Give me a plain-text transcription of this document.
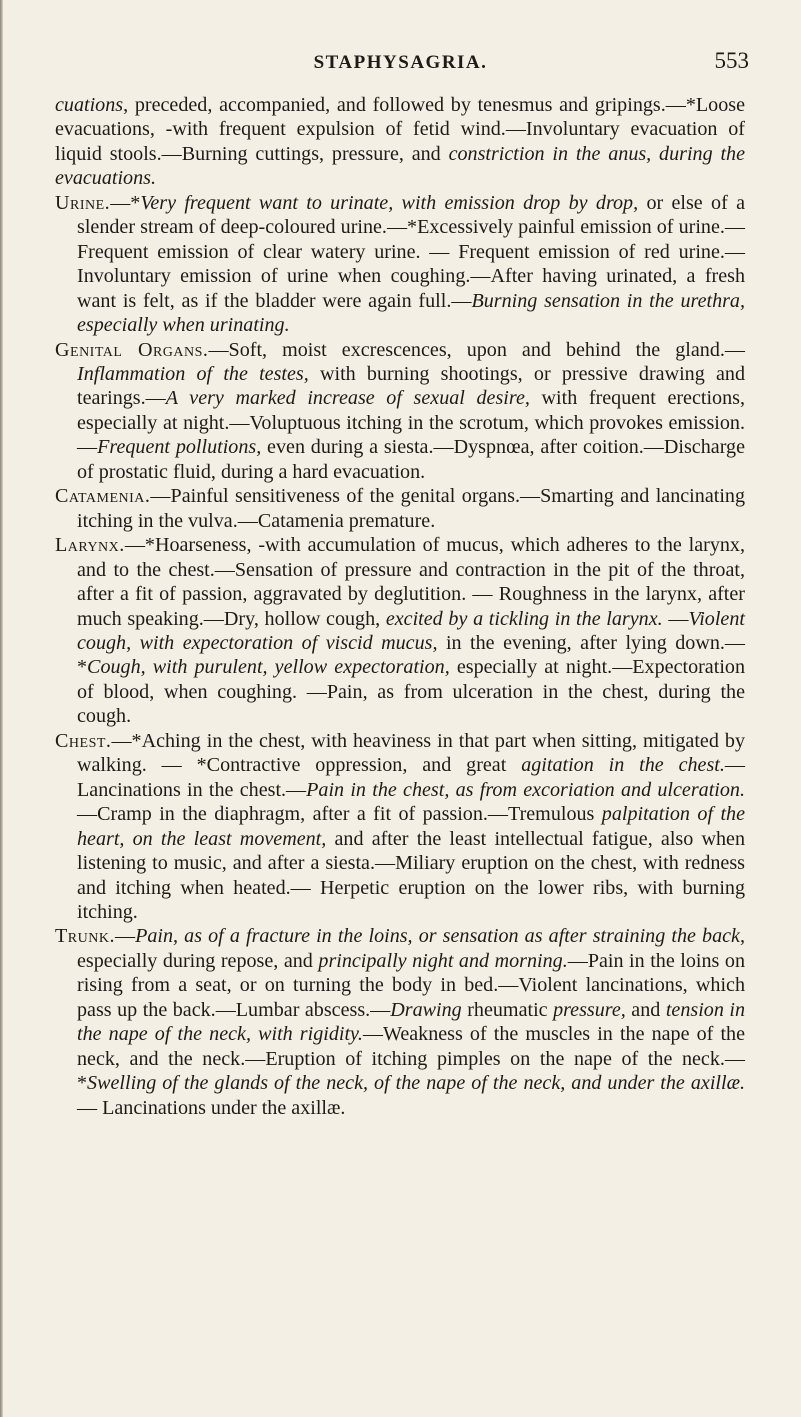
STAPHYSAGRIA.	553

cuations, preceded, accompanied, and followed by tenesmus and gripings.—*Loose evacuations, -with frequent expulsion of fetid wind.—Involuntary evacuation of liquid stools.—Burning cuttings, pressure, and constriction in the anus, during the evacuations.

Urine.—*Very frequent want to urinate, with emission drop by drop, or else of a slender stream of deep-coloured urine.—*Excessively painful emission of urine.—Frequent emission of clear watery urine. — Frequent emission of red urine.—Involuntary emission of urine when coughing.—After having urinated, a fresh want is felt, as if the bladder were again full.—Burning sensation in the urethra, especially when urinating.

Genital Organs.—Soft, moist excrescences, upon and behind the gland.—Inflammation of the testes, with burning shootings, or pressive drawing and tearings.—A very marked increase of sexual desire, with frequent erections, especially at night.—Voluptuous itching in the scrotum, which provokes emission.—Frequent pollutions, even during a siesta.—Dyspnœa, after coition.—Discharge of prostatic fluid, during a hard evacuation.

Catamenia.—Painful sensitiveness of the genital organs.—Smarting and lancinating itching in the vulva.—Catamenia premature.

Larynx.—*Hoarseness, -with accumulation of mucus, which adheres to the larynx, and to the chest.—Sensation of pressure and contraction in the pit of the throat, after a fit of passion, aggravated by deglutition. — Roughness in the larynx, after much speaking.—Dry, hollow cough, excited by a tickling in the larynx. —Violent cough, with expectoration of viscid mucus, in the evening, after lying down.—*Cough, with purulent, yellow expectoration, especially at night.—Expectoration of blood, when coughing. —Pain, as from ulceration in the chest, during the cough.

Chest.—*Aching in the chest, with heaviness in that part when sitting, mitigated by walking. — *Contractive oppression, and great agitation in the chest.—Lancinations in the chest.—Pain in the chest, as from excoriation and ulceration.—Cramp in the diaphragm, after a fit of passion.—Tremulous palpitation of the heart, on the least movement, and after the least intellectual fatigue, also when listening to music, and after a siesta.—Miliary eruption on the chest, with redness and itching when heated.— Herpetic eruption on the lower ribs, with burning itching.

Trunk.—Pain, as of a fracture in the loins, or sensation as after straining the back, especially during repose, and principally night and morning.—Pain in the loins on rising from a seat, or on turning the body in bed.—Violent lancinations, which pass up the back.—Lumbar abscess.—Drawing rheumatic pressure, and tension in the nape of the neck, with rigidity.—Weakness of the muscles in the nape of the neck, and the neck.—Eruption of itching pimples on the nape of the neck.—*Swelling of the glands of the neck, of the nape of the neck, and under the axillæ.— Lancinations under the axillæ.
